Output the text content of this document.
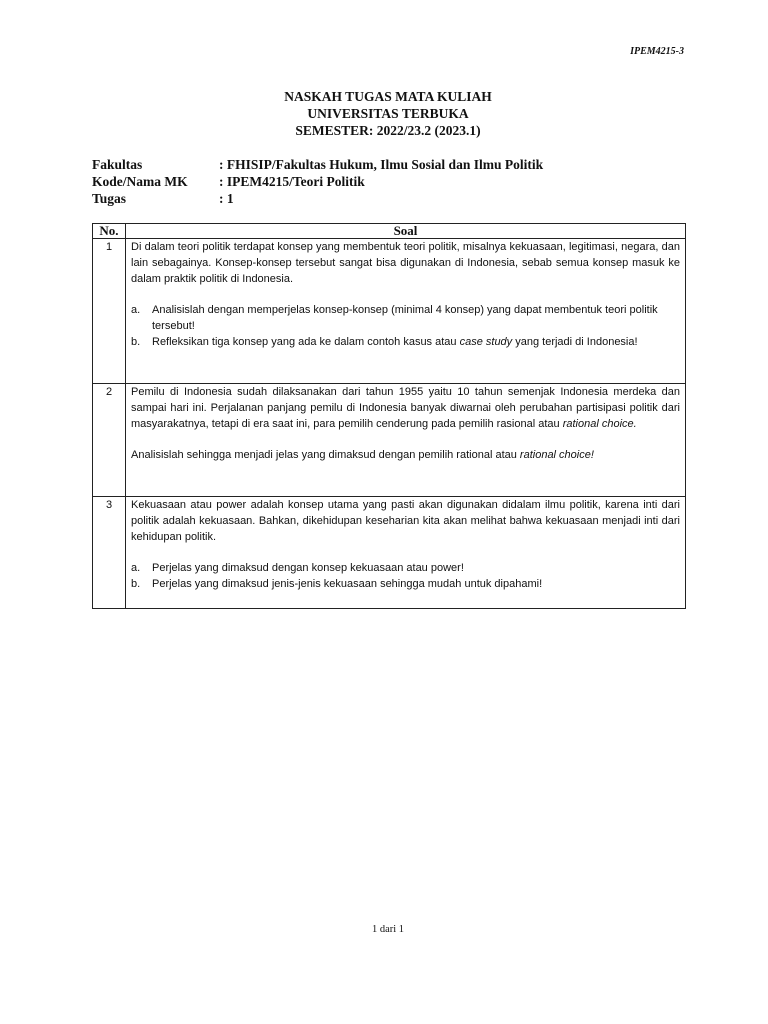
IPEM4215-3
NASKAH TUGAS MATA KULIAH
UNIVERSITAS TERBUKA
SEMESTER: 2022/23.2 (2023.1)
Fakultas	: FHISIP/Fakultas Hukum, Ilmu Sosial dan Ilmu Politik
Kode/Nama MK	: IPEM4215/Teori Politik
Tugas	: 1
No.	Soal
1	Di dalam teori politik terdapat konsep yang membentuk teori politik, misalnya kekuasaan, legitimasi, negara, dan lain sebagainya. Konsep-konsep tersebut sangat bisa digunakan di Indonesia, sebab semua konsep masuk ke dalam praktik politik di Indonesia.

a. Analisislah dengan memperjelas konsep-konsep (minimal 4 konsep) yang dapat membentuk teori politik tersebut!
b. Refleksikan tiga konsep yang ada ke dalam contoh kasus atau case study yang terjadi di Indonesia!

2	Pemilu di Indonesia sudah dilaksanakan dari tahun 1955 yaitu 10 tahun semenjak Indonesia merdeka dan sampai hari ini. Perjalanan panjang pemilu di Indonesia banyak diwarnai oleh perubahan partisipasi politik dari masyarakatnya, tetapi di era saat ini, para pemilih cenderung pada pemilih rasional atau rational choice.

Analisislah sehingga menjadi jelas yang dimaksud dengan pemilih rational atau rational choice!

3	Kekuasaan atau power adalah konsep utama yang pasti akan digunakan didalam ilmu politik, karena inti dari politik adalah kekuasaan. Bahkan, dikehidupan keseharian kita akan melihat bahwa kekuasaan menjadi inti dari kehidupan politik.

a. Perjelas yang dimaksud dengan konsep kekuasaan atau power!
b. Perjelas yang dimaksud jenis-jenis kekuasaan sehingga mudah untuk dipahami!
1 dari 1
